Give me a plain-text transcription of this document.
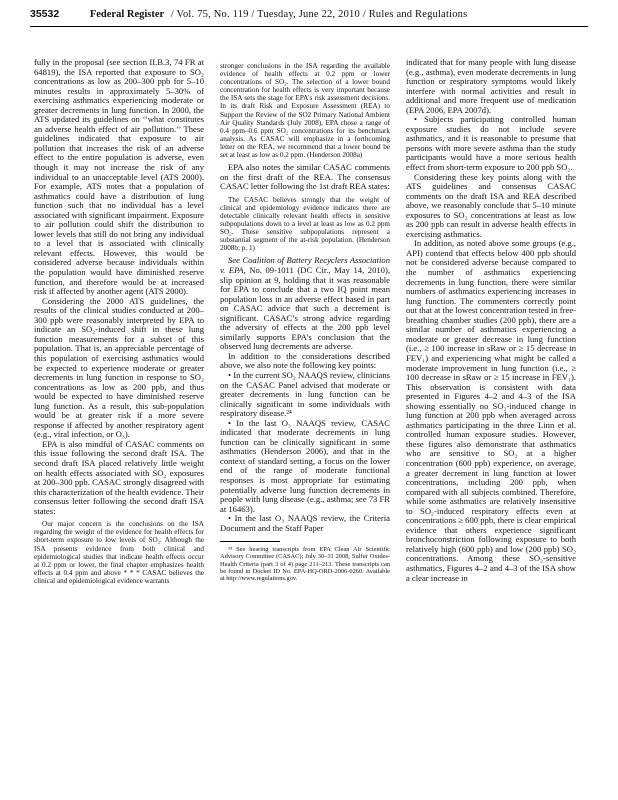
35532	Federal Register / Vol. 75, No. 119 / Tuesday, June 22, 2010 / Rules and Regulations

fully in the proposal (see section II.B.3, 74 FR at 64819), the ISA reported that exposure to SO₂ concentrations as low as 200–300 ppb for 5–10 minutes results in approximately 5–30% of exercising asthmatics experiencing moderate or greater decrements in lung function. In 2000, the ATS updated its guidelines on ‘‘what constitutes an adverse health effect of air pollution.’’ These guidelines indicated that exposure to air pollution that increases the risk of an adverse effect to the entire population is adverse, even though it may not increase the risk of any individual to an unacceptable level (ATS 2000). For example, ATS notes that a population of asthmatics could have a distribution of lung function such that no individual has a level associated with significant impairment. Exposure to air pollution could shift the distribution to lower levels that still do not bring any individual to a level that is associated with clinically relevant effects. However, this would be considered adverse because individuals within the population would have diminished reserve function, and therefore would be at increased risk if affected by another agent (ATS 2000).

Considering the 2000 ATS guidelines, the results of the clinical studies conducted at 200–300 ppb were reasonably interpreted by EPA to indicate an SO₂-induced shift in these lung function measurements for a subset of this population. That is, an appreciable percentage of this population of exercising asthmatics would be expected to experience moderate or greater decrements in lung function in response to SO₂ concentrations as low as 200 ppb, and thus would be expected to have diminished reserve lung function. As a result, this sub-population would be at greater risk if a more severe response if affected by another respiratory agent (e.g., viral infection, or O₃).

EPA is also mindful of CASAC comments on this issue following the second draft ISA. The second draft ISA placed relatively little weight on health effects associated with SO₂ exposures at 200–300 ppb. CASAC strongly disagreed with this characterization of the health evidence. Their consensus letter following the second draft ISA states:

Our major concern is the conclusions on the ISA regarding the weight of the evidence for health effects for short-term exposure to low levels of SO₂. Although the ISA presents evidence from both clinical and epidemiological studies that indicate health effects occur at 0.2 ppm or lower, the final chapter emphasizes health effects at 0.4 ppm and above * * * CASAC believes the clinical and epidemiological evidence warrants
stronger conclusions in the ISA regarding the available evidence of health effects at 0.2 ppm or lower concentrations of SO₂. The selection of a lower bound concentration for health effects is very important because the ISA sets the stage for EPA’s risk assessment decisions. In its draft Risk and Exposure Assessment (REA) to Support the Review of the SO2 Primary National Ambient Air Quality Standards (July 2008), EPA chose a range of 0.4 ppm–0.6 ppm SO₂ concentrations for its benchmark analysis. As CASAC will emphasize in a forthcoming letter on the REA, we recommend that a lower bound be set at least as low as 0.2 ppm. (Henderson 2008a)

EPA also notes the similar CASAC comments on the first draft of the REA. The consensus CASAC letter following the 1st draft REA states:

The CASAC believes strongly that the weight of clinical and epidemiology evidence indicates there are detectable clinically relevant health effects in sensitive subpopulations down to a level at least as low as 0.2 ppm SO₂. These sensitive subpopulations represent a substantial segment of the at-risk population. (Henderson 2008b; p. 1)

See Coalition of Battery Recyclers Association v. EPA, No. 09-1011 (DC Cir., May 14, 2010), slip opinion at 9, holding that it was reasonable for EPA to conclude that a two IQ point mean population loss in an adverse effect based in part on CASAC advice that such a decrement is significant. CASAC’s strong advice regarding the adversity of effects at the 200 ppb level similarly supports EPA’s conclusion that the observed lung decrements are adverse.

In addition to the considerations described above, we also note the following key points:

• In the current SO₂ NAAQS review, clinicians on the CASAC Panel advised that moderate or greater decrements in lung function can be clinically significant in some individuals with respiratory disease.²⁴

• In the last O₃ NAAQS review, CASAC indicated that moderate decrements in lung function can be clinically significant in some asthmatics (Henderson 2006), and that in the context of standard setting, a focus on the lower end of the range of moderate functional responses is most appropriate for estimating potentially adverse lung function decrements in people with lung disease (e.g., asthma; see 73 FR at 16463).

• In the last O₃ NAAQS review, the Criteria Document and the Staff Paper

²⁴ See hearing transcripts from EPA Clean Air Scientific Advisory Committee (CASAC); July 30–31 2008, Sulfur Oxides-Health Criteria (part 3 of 4) page 211–213. These transcripts can be found in Docket ID No. EPA-HQ-ORD-2006-0260. Available at http://www.regulations.gov.

indicated that for many people with lung disease (e.g., asthma), even moderate decrements in lung function or respiratory symptoms would likely interfere with normal activities and result in additional and more frequent use of medication (EPA 2006, EPA 2007d).

• Subjects participating controlled human exposure studies do not include severe asthmatics, and it is reasonable to presume that persons with more severe asthma than the study participants would have a more serious health effect from short-term exposure to 200 ppb SO₂.

Considering these key points along with the ATS guidelines and consensus CASAC comments on the draft ISA and REA described above, we reasonably conclude that 5–10 minute exposures to SO₂ concentrations at least as low as 200 ppb can result in adverse health effects in exercising asthmatics.

In addition, as noted above some groups (e.g., API) contend that effects below 400 ppb should not be considered adverse because compared to the number of asthmatics experiencing decrements in lung function, there were similar numbers of asthmatics experiencing increases in lung function. The commenters correctly point out that at the lowest concentration tested in free-breathing chamber studies (200 ppb), there are a similar number of asthmatics experiencing a moderate or greater decrease in lung function (i.e., ≥ 100 increase in sRaw or ≥ 15 decrease in FEV₁) and experiencing what might be called a moderate improvement in lung function (i.e., ≥ 100 decrease in sRaw or ≥ 15 increase in FEV₁). This observation is consistent with data presented in Figures 4–2 and 4–3 of the ISA showing essentially no SO₂-induced change in lung function at 200 ppb when averaged across asthmatics participating in the three Linn et al. controlled human exposure studies. However, these figures also demonstrate that asthmatics who are sensitive to SO₂ at a higher concentration (600 ppb) experience, on average, a greater decrement in lung function at lower concentrations, including 200 ppb, when compared with all subjects combined. Therefore, while some asthmatics are relatively insensitive to SO₂-induced respiratory effects even at concentrations ≥ 600 ppb, there is clear empirical evidence that others experience significant bronchoconstriction following exposure to both relatively high (600 ppb) and low (200 ppb) SO₂ concentrations. Among these SO₂-sensitive asthmatics, Figures 4–2 and 4–3 of the ISA show a clear increase in
